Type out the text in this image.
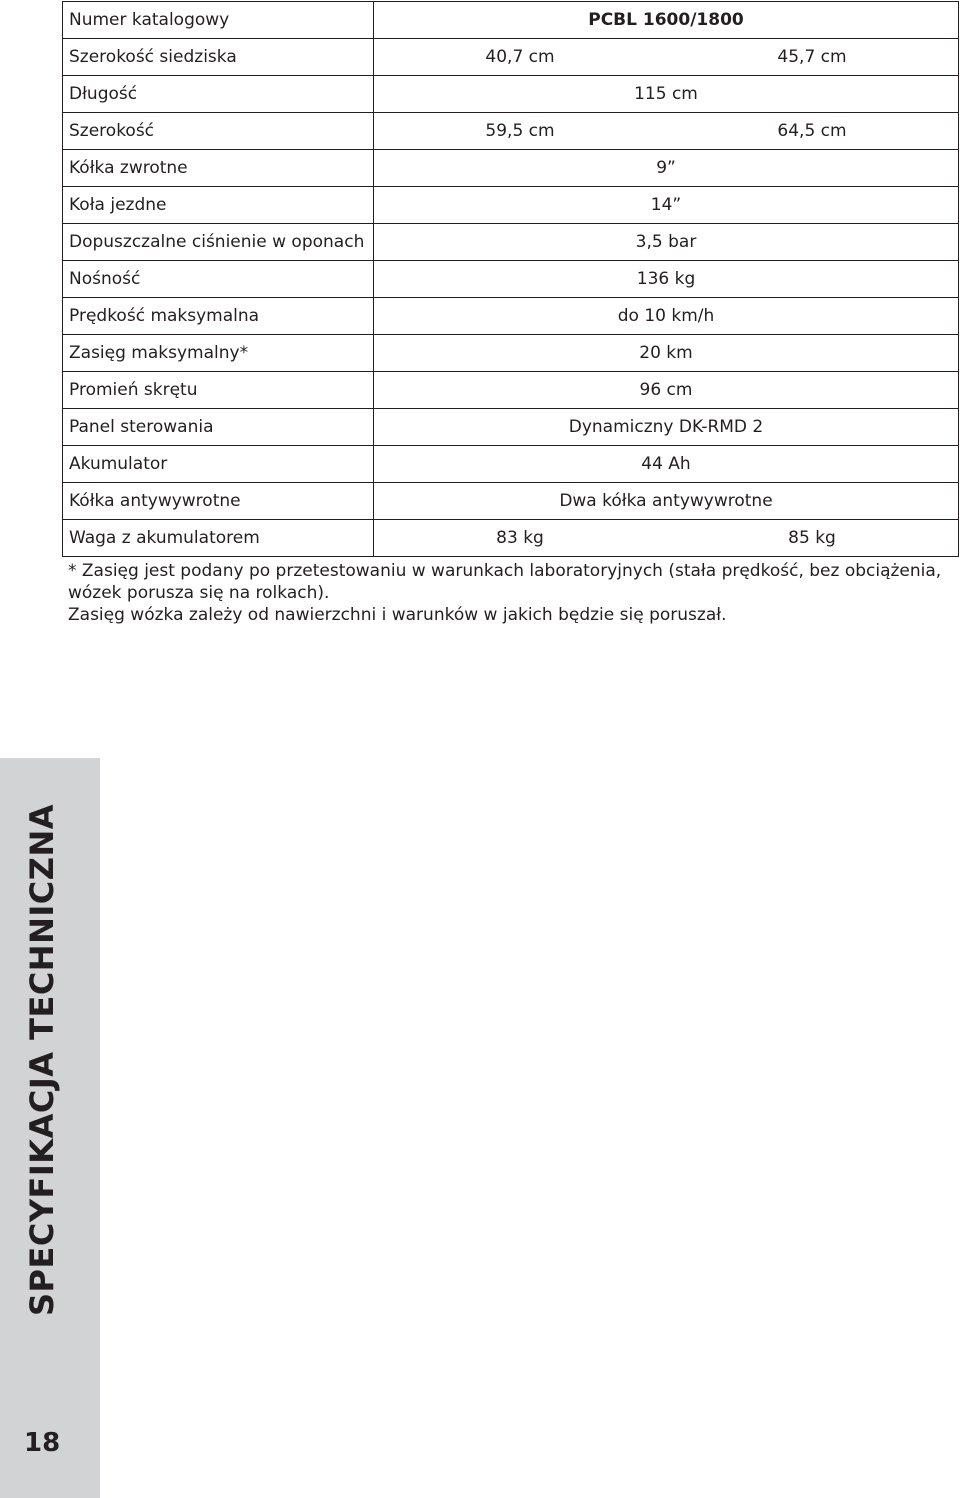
Numer katalogowy	PCBL 1600/1800

Szerokość siedziska	40,7 cm 45,7 cm

Długość	115 cm

Szerokość	59,5 cm 64,5 cm

Kółka zwrotne	9”

Koła jezdne	14”

Dopuszczalne ciśnienie w oponach	3,5 bar

Nośność	136 kg

Prędkość maksymalna	do 10 km/h

Zasięg maksymalny*	20 km

Promień skrętu	96 cm

Panel sterowania	Dynamiczny DK-RMD 2

Akumulator	44 Ah

Kółka antywywrotne	Dwa kółka antywywrotne

Waga z akumulatorem	83 kg 85 kg

* Zasięg jest podany po przetestowaniu w warunkach laboratoryjnych (stała prędkość, bez obciążenia, wózek porusza się na rolkach).

Zasięg wózka zależy od nawierzchni i warunków w jakich będzie się poruszał.

SPECYFIKACJA TECHNICZNA
18
